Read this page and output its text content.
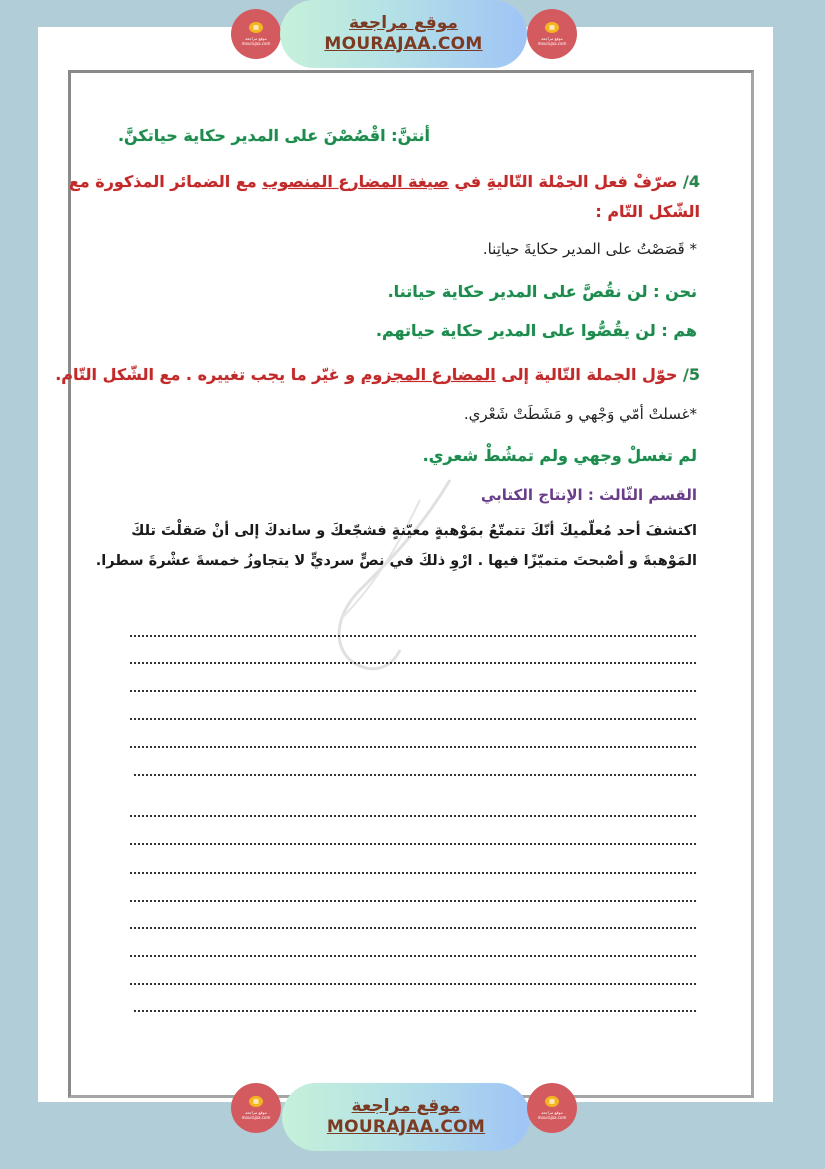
▦
موقع مراجعة
mourajaa.com
موقع مراجعة
MOURAJAA.COM
▦
موقع مراجعة
mourajaa.com
أنتنَّ: اقْصُصْنَ على المدير حكاية حياتكنَّ.
4/ صرّفْ فعل الجمْلة التّاليةِ في صيغة المضارع المنصوب مع الضمائر المذكورة مع
الشّكل التّام :
* قَصَصْتُ على المدير حكايةَ حياتِنا.
نحن : لن نقُصَّ على المدير حكاية حياتنا.
هم : لن يقُصُّوا على المدير حكاية حياتهم.
5/ حوّل الجملة التّالية إلى المضارع المجزوم و غيّر ما يجب تغييره . مع الشّكل التّام.
*غسلتْ أمّي وَجْهي و مَشَطَتْ شَعْري.
لم تغسلْ وجهي ولم تمشُطْ شعري.
القسم الثّالث : الإنتاج الكتابي
اكتشفَ أحد مُعلّميكَ أنّكَ تتمتّعُ بمَوْهبةٍ معيّنةٍ فشجّعكَ و ساندكَ إلى أنْ صَقلْتَ تلكَ
المَوْهبةَ و أصْبحتَ متميّزًا فيها . ارْوِ ذلكَ في نصٍّ سرديٍّ لا يتجاوزُ خمسةَ عشْرةَ سطرا.
▦
موقع مراجعة
mourajaa.com
موقع مراجعة
MOURAJAA.COM
▦
موقع مراجعة
mourajaa.com
